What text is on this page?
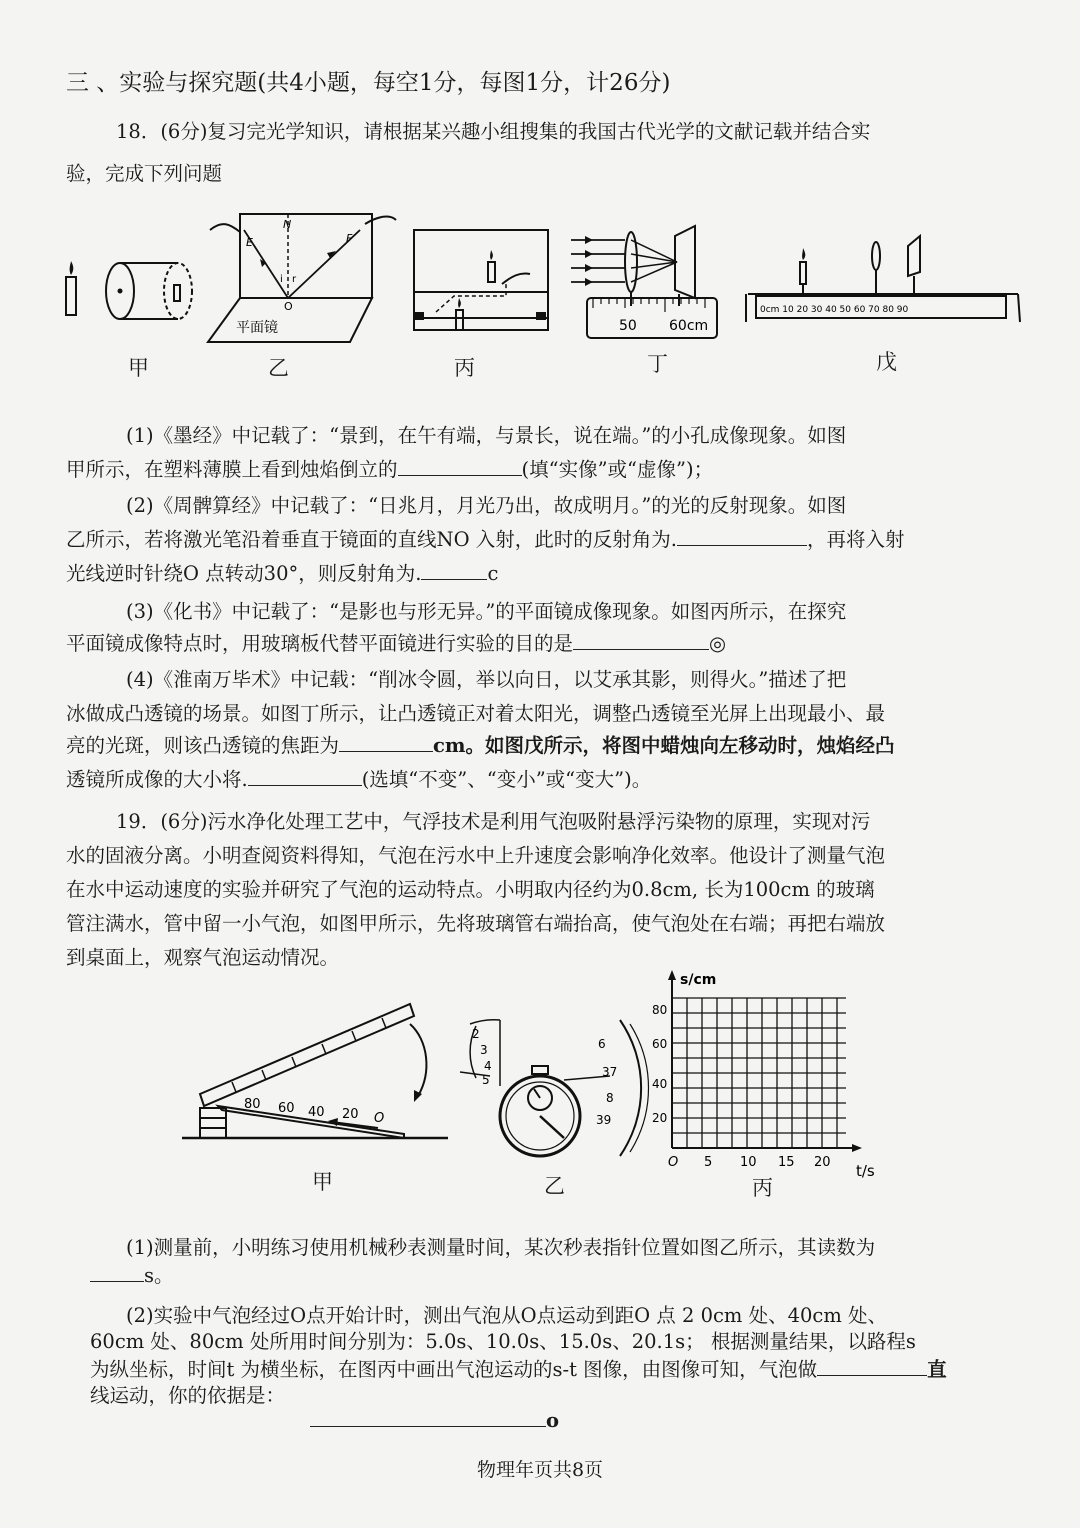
三 、实验与探究题(共4小题，每空1分，每图1分，计26分)
18．(6分)复习完光学知识，请根据某兴趣小组搜集的我国古代光学的文献记载并结合实
验，完成下列问题
甲
E
N
F
i r
O
平面镜
乙	丙
50 60cm
丁
0cm 10 20 30 40 50 60 70 80 90
戊
(1)《墨经》中记载了：“景到，在午有端，与景长，说在端。”的小孔成像现象。如图
甲所示，在塑料薄膜上看到烛焰倒立的	(填“实像”或“虚像”)；
(2)《周髀算经》中记载了：“日兆月，月光乃出，故成明月。”的光的反射现象。如图
乙所示，若将激光笔沿着垂直于镜面的直线NO 入射，此时的反射角为.	，再将入射
光线逆时针绕O 点转动30°，则反射角为.	c
(3)《化书》中记载了：“是影也与形无异。”的平面镜成像现象。如图丙所示，在探究
平面镜成像特点时，用玻璃板代替平面镜进行实验的目的是	◎
(4)《淮南万毕术》中记载：“削冰令圆，举以向日，以艾承其影，则得火。”描述了把
冰做成凸透镜的场景。如图丁所示，让凸透镜正对着太阳光，调整凸透镜至光屏上出现最小、最
亮的光斑，则该凸透镜的焦距为	cm。如图戊所示，将图中蜡烛向左移动时，烛焰经凸
透镜所成像的大小将.	(选填“不变”、“变小”或“变大”)。
19．(6分)污水净化处理工艺中，气浮技术是利用气泡吸附悬浮污染物的原理，实现对污
水的固液分离。小明查阅资料得知，气泡在污水中上升速度会影响净化效率。他设计了测量气泡
在水中运动速度的实验并研究了气泡的运动特点。小明取内径约为0.8cm, 长为100cm 的玻璃
管注满水，管中留一小气泡，如图甲所示，先将玻璃管右端抬高，使气泡处在右端；再把右端放
到桌面上，观察气泡运动情况。
80 60 40 20 O
甲
2
3
4
5
6
37
8
39
乙
s/cm
t/s
80
60
40
20
O 5 10 15 20
丙
(1)测量前，小明练习使用机械秒表测量时间，某次秒表指针位置如图乙所示，其读数为
s。
(2)实验中气泡经过O点开始计时，测出气泡从O点运动到距O 点 2 0cm 处、40cm 处、
60cm 处、80cm 处所用时间分别为：5.0s、10.0s、15.0s、20.1s； 根据测量结果，以路程s
为纵坐标，时间t 为横坐标，在图丙中画出气泡运动的s-t 图像，由图像可知，气泡做	直
线运动，你的依据是：
o
物理年页共8页
